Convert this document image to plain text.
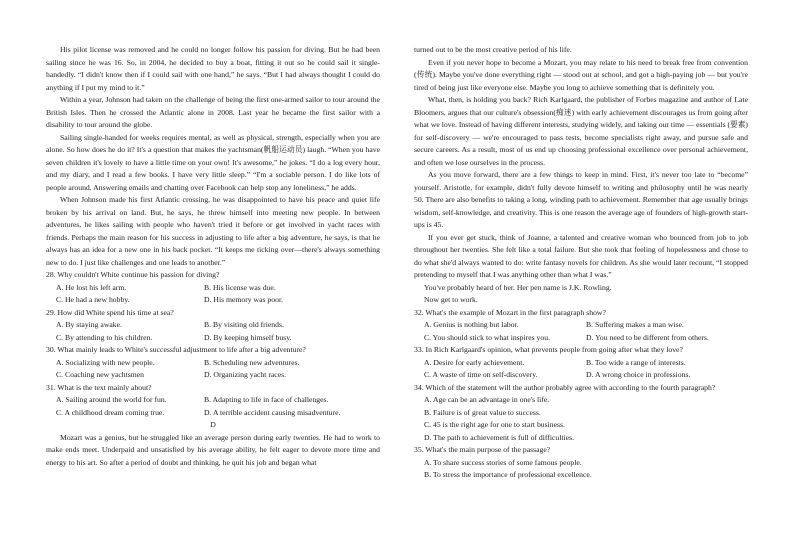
His pilot license was removed and he could no longer follow his passion for diving. But he had been sailing since he was 16. So, in 2004, he decided to buy a boat, fitting it out so he could sail it single-handedly. “I didn't know then if I could sail with one hand,” he says. “But I had always thought I could do anything if I put my mind to it.”

Within a year, Johnson had taken on the challenge of being the first one-armed sailor to tour around the British Isles. Then he crossed the Atlantic alone in 2008. Last year he became the first sailor with a disability to tour around the globe.

Sailing single-handed for weeks requires mental, as well as physical, strength, especially when you are alone. So how does he do it? It's a question that makes the yachtsman(帆船运动员) laugh. “When you have seven children it's lovely to have a little time on your own! It's awesome,” he jokes. “I do a log every hour, and my diary, and I read a few books. I have very little sleep.” “I'm a sociable person. I do like lots of people around. Answering emails and chatting over Facebook can help stop any loneliness,” he adds.

When Johnson made his first Atlantic crossing, he was disappointed to have his peace and quiet life broken by his arrival on land. But, he says, he threw himself into meeting new people. In between adventures, he likes sailing with people who haven't tried it before or get involved in yacht races with friends. Perhaps the main reason for his success in adjusting to life after a big adventure, he says, is that he always has an idea for a new one in his back pocket. “It keeps me ticking over—there's always something new to do. I just like challenges and one leads to another.”

28. Why couldn't White continue his passion for diving?

A. He lost his left arm.	B. His license was due.
C. He had a new hobby.	D. His memory was poor.

29. How did White spend his time at sea?

A. By staying awake.	B. By visiting old friends.
C. By attending to his children.	D. By keeping himself busy.

30. What mainly leads to White's successful adjustment to life after a big adventure?

A. Socializing with new people.	B. Scheduling new adventures.
C. Coaching new yachtsmen	D. Organizing yacht races.

31. What is the text mainly about?

A. Sailing around the world for fun.	B. Adapting to life in face of challenges.
C. A childhood dream coming true.	D. A terrible accident causing misadventure.

D

Mozart was a genius, but he struggled like an average person during early twenties. He had to work to make ends meet. Underpaid and unsatisfied by his average ability, he felt eager to devote more time and energy to his art. So after a period of doubt and thinking, he quit his job and began what

turned out to be the most creative period of his life.

Even if you never hope to become a Mozart, you may relate to his need to break free from convention (传统). Maybe you've done everything right — stood out at school, and got a high-paying job — but you're tired of being just like everyone else. Maybe you long to achieve something that is definitely you.

What, then, is holding you back? Rich Karlgaard, the publisher of Forbes magazine and author of Late Bloomers, argues that our culture's obsession(痴迷) with early achievement discourages us from going after what we love. Instead of having different interests, studying widely, and taking our time — essentials (要素) for self-discovery — we're encouraged to pass tests, become specialists right away, and pursue safe and secure careers. As a result, most of us end up choosing professional excellence over personal achievement, and often we lose ourselves in the process.

As you move forward, there are a few things to keep in mind. First, it's never too late to “become” yourself. Aristotle, for example, didn't fully devote himself to writing and philosophy until he was nearly 50. There are also benefits to taking a long, winding path to achievement. Remember that age usually brings wisdom, self-knowledge, and creativity. This is one reason the average age of founders of high-growth start-ups is 45.

If you ever get stuck, think of Joanne, a talented and creative woman who bounced from job to job throughout her twenties. She felt like a total failure. But she took that feeling of hopelessness and chose to do what she'd always wanted to do: write fantasy novels for children. As she would later recount, “I stopped pretending to myself that I was anything other than what I was.”

You've probably heard of her. Her pen name is J.K. Rowling.

Now get to work.

32. What's the example of Mozart in the first paragraph show?

A. Genius is nothing but labor.	B. Suffering makes a man wise.
C. You should stick to what inspires you.	D. You need to be different from others.

33. In Rich Karlgaard's opinion, what prevents people from going after what they love?

A. Desire for early achievement.	B. Too wide a range of interests.
C. A waste of time on self-discovery.	D. A wrong choice in professions.

34. Which of the statement will the author probably agree with according to the fourth paragraph?

A. Age can be an advantage in one's life.
B. Failure is of great value to success.
C. 45 is the right age for one to start business.
D. The path to achievement is full of difficulties.

35. What's the main purpose of the passage?

A. To share success stories of some famous people.
B. To stress the importance of professional excellence.
